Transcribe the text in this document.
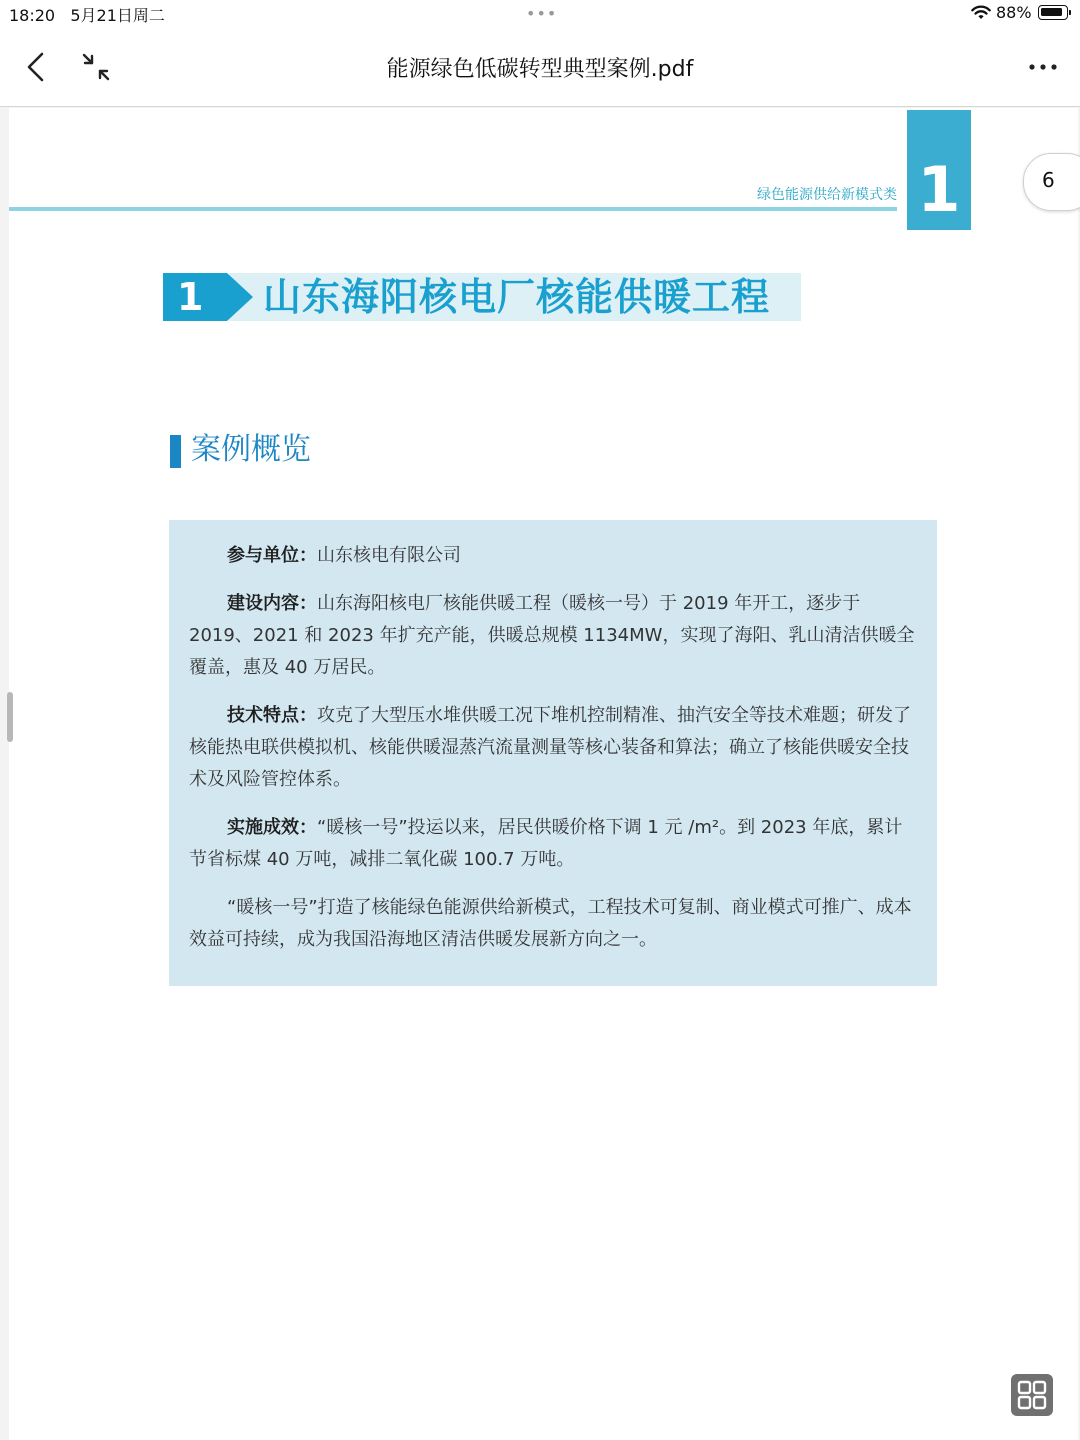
18:20 5月21日周二	•••	88%
能源绿色低碳转型典型案例.pdf
绿色能源供给新模式类 1
1 山东海阳核电厂核能供暖工程
案例概览
参与单位：山东核电有限公司
建设内容：山东海阳核电厂核能供暖工程（暖核一号）于 2019 年开工，逐步于 2019、2021 和 2023 年扩充产能，供暖总规模 1134MW，实现了海阳、乳山清洁供暖全覆盖，惠及 40 万居民。
技术特点：攻克了大型压水堆供暖工况下堆机控制精准、抽汽安全等技术难题；研发了核能热电联供模拟机、核能供暖湿蒸汽流量测量等核心装备和算法；确立了核能供暖安全技术及风险管控体系。
实施成效：“暖核一号”投运以来，居民供暖价格下调 1 元 /m²。到 2023 年底，累计节省标煤 40 万吨，减排二氧化碳 100.7 万吨。
“暖核一号”打造了核能绿色能源供给新模式，工程技术可复制、商业模式可推广、成本效益可持续，成为我国沿海地区清洁供暖发展新方向之一。
6
